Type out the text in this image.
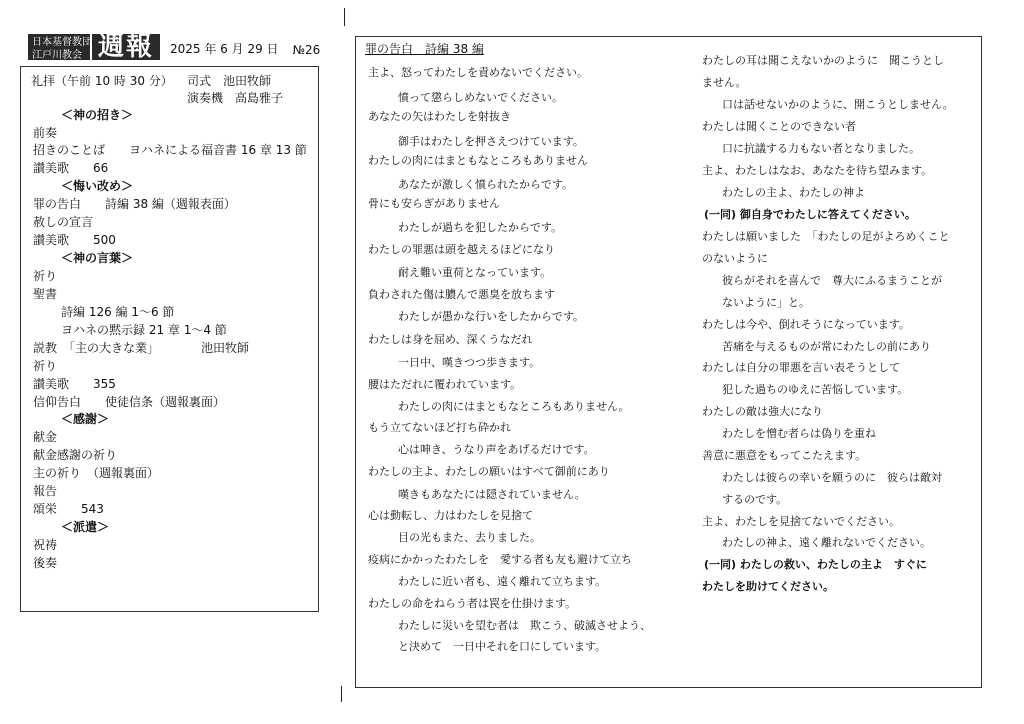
日本基督教団
江戸川教会 週報	2025 年 6 月 29 日 №26
礼拝（午前 10 時 30 分） 司式　池田牧師
演奏機　高島雅子
＜神の招き＞
前奏
招きのことば　　ヨハネによる福音書 16 章 13 節
讃美歌　　66
＜悔い改め＞
罪の告白　　詩編 38 編（週報表面）
赦しの宣言
讃美歌　　500
＜神の言葉＞
祈り
聖書
詩編 126 編 1～6 節
ヨハネの黙示録 21 章 1～4 節
説教　「主の大きな業」　　　　池田牧師
祈り
讃美歌　　355
信仰告白　　使徒信条（週報裏面）
＜感謝＞
献金
献金感謝の祈り
主の祈り　（週報裏面）
報告
頌栄　　543
＜派遣＞
祝祷
後奏
罪の告白　詩編 38 編
主よ、怒ってわたしを責めないでください。
憤って懲らしめないでください。
あなたの矢はわたしを射抜き
御手はわたしを押さえつけています。
わたしの肉にはまともなところもありません
あなたが激しく憤られたからです。
骨にも安らぎがありません
わたしが過ちを犯したからです。
わたしの罪悪は頭を越えるほどになり
耐え難い重荷となっています。
負わされた傷は膿んで悪臭を放ちます
わたしが愚かな行いをしたからです。
わたしは身を屈め、深くうなだれ
一日中、嘆きつつ歩きます。
腰はただれに覆われています。
わたしの肉にはまともなところもありません。
もう立てないほど打ち砕かれ
心は呻き、うなり声をあげるだけです。
わたしの主よ、わたしの願いはすべて御前にあり
嘆きもあなたには隠されていません。
心は動転し、力はわたしを見捨て
目の光もまた、去りました。
疫病にかかったわたしを　愛する者も友も避けて立ち
わたしに近い者も、遠く離れて立ちます。
わたしの命をねらう者は罠を仕掛けます。
わたしに災いを望む者は　欺こう、破滅させよう、
と決めて　一日中それを口にしています。
わたしの耳は聞こえないかのように　聞こうとし
ません。
口は話せないかのように、開こうとしません。
わたしは聞くことのできない者
口に抗議する力もない者となりました。
主よ、わたしはなお、あなたを待ち望みます。
わたしの主よ、わたしの神よ
(一同) 御自身でわたしに答えてください。
わたしは願いました　「わたしの足がよろめくこと
のないように
彼らがそれを喜んで　尊大にふるまうことが
ないように」と。
わたしは今や、倒れそうになっています。
苦痛を与えるものが常にわたしの前にあり
わたしは自分の罪悪を言い表そうとして
犯した過ちのゆえに苦悩しています。
わたしの敵は強大になり
わたしを憎む者らは偽りを重ね
善意に悪意をもってこたえます。
わたしは彼らの幸いを願うのに　彼らは敵対
するのです。
主よ、わたしを見捨てないでください。
わたしの神よ、遠く離れないでください。
(一同) わたしの救い、わたしの主よ　すぐに
わたしを助けてください。
